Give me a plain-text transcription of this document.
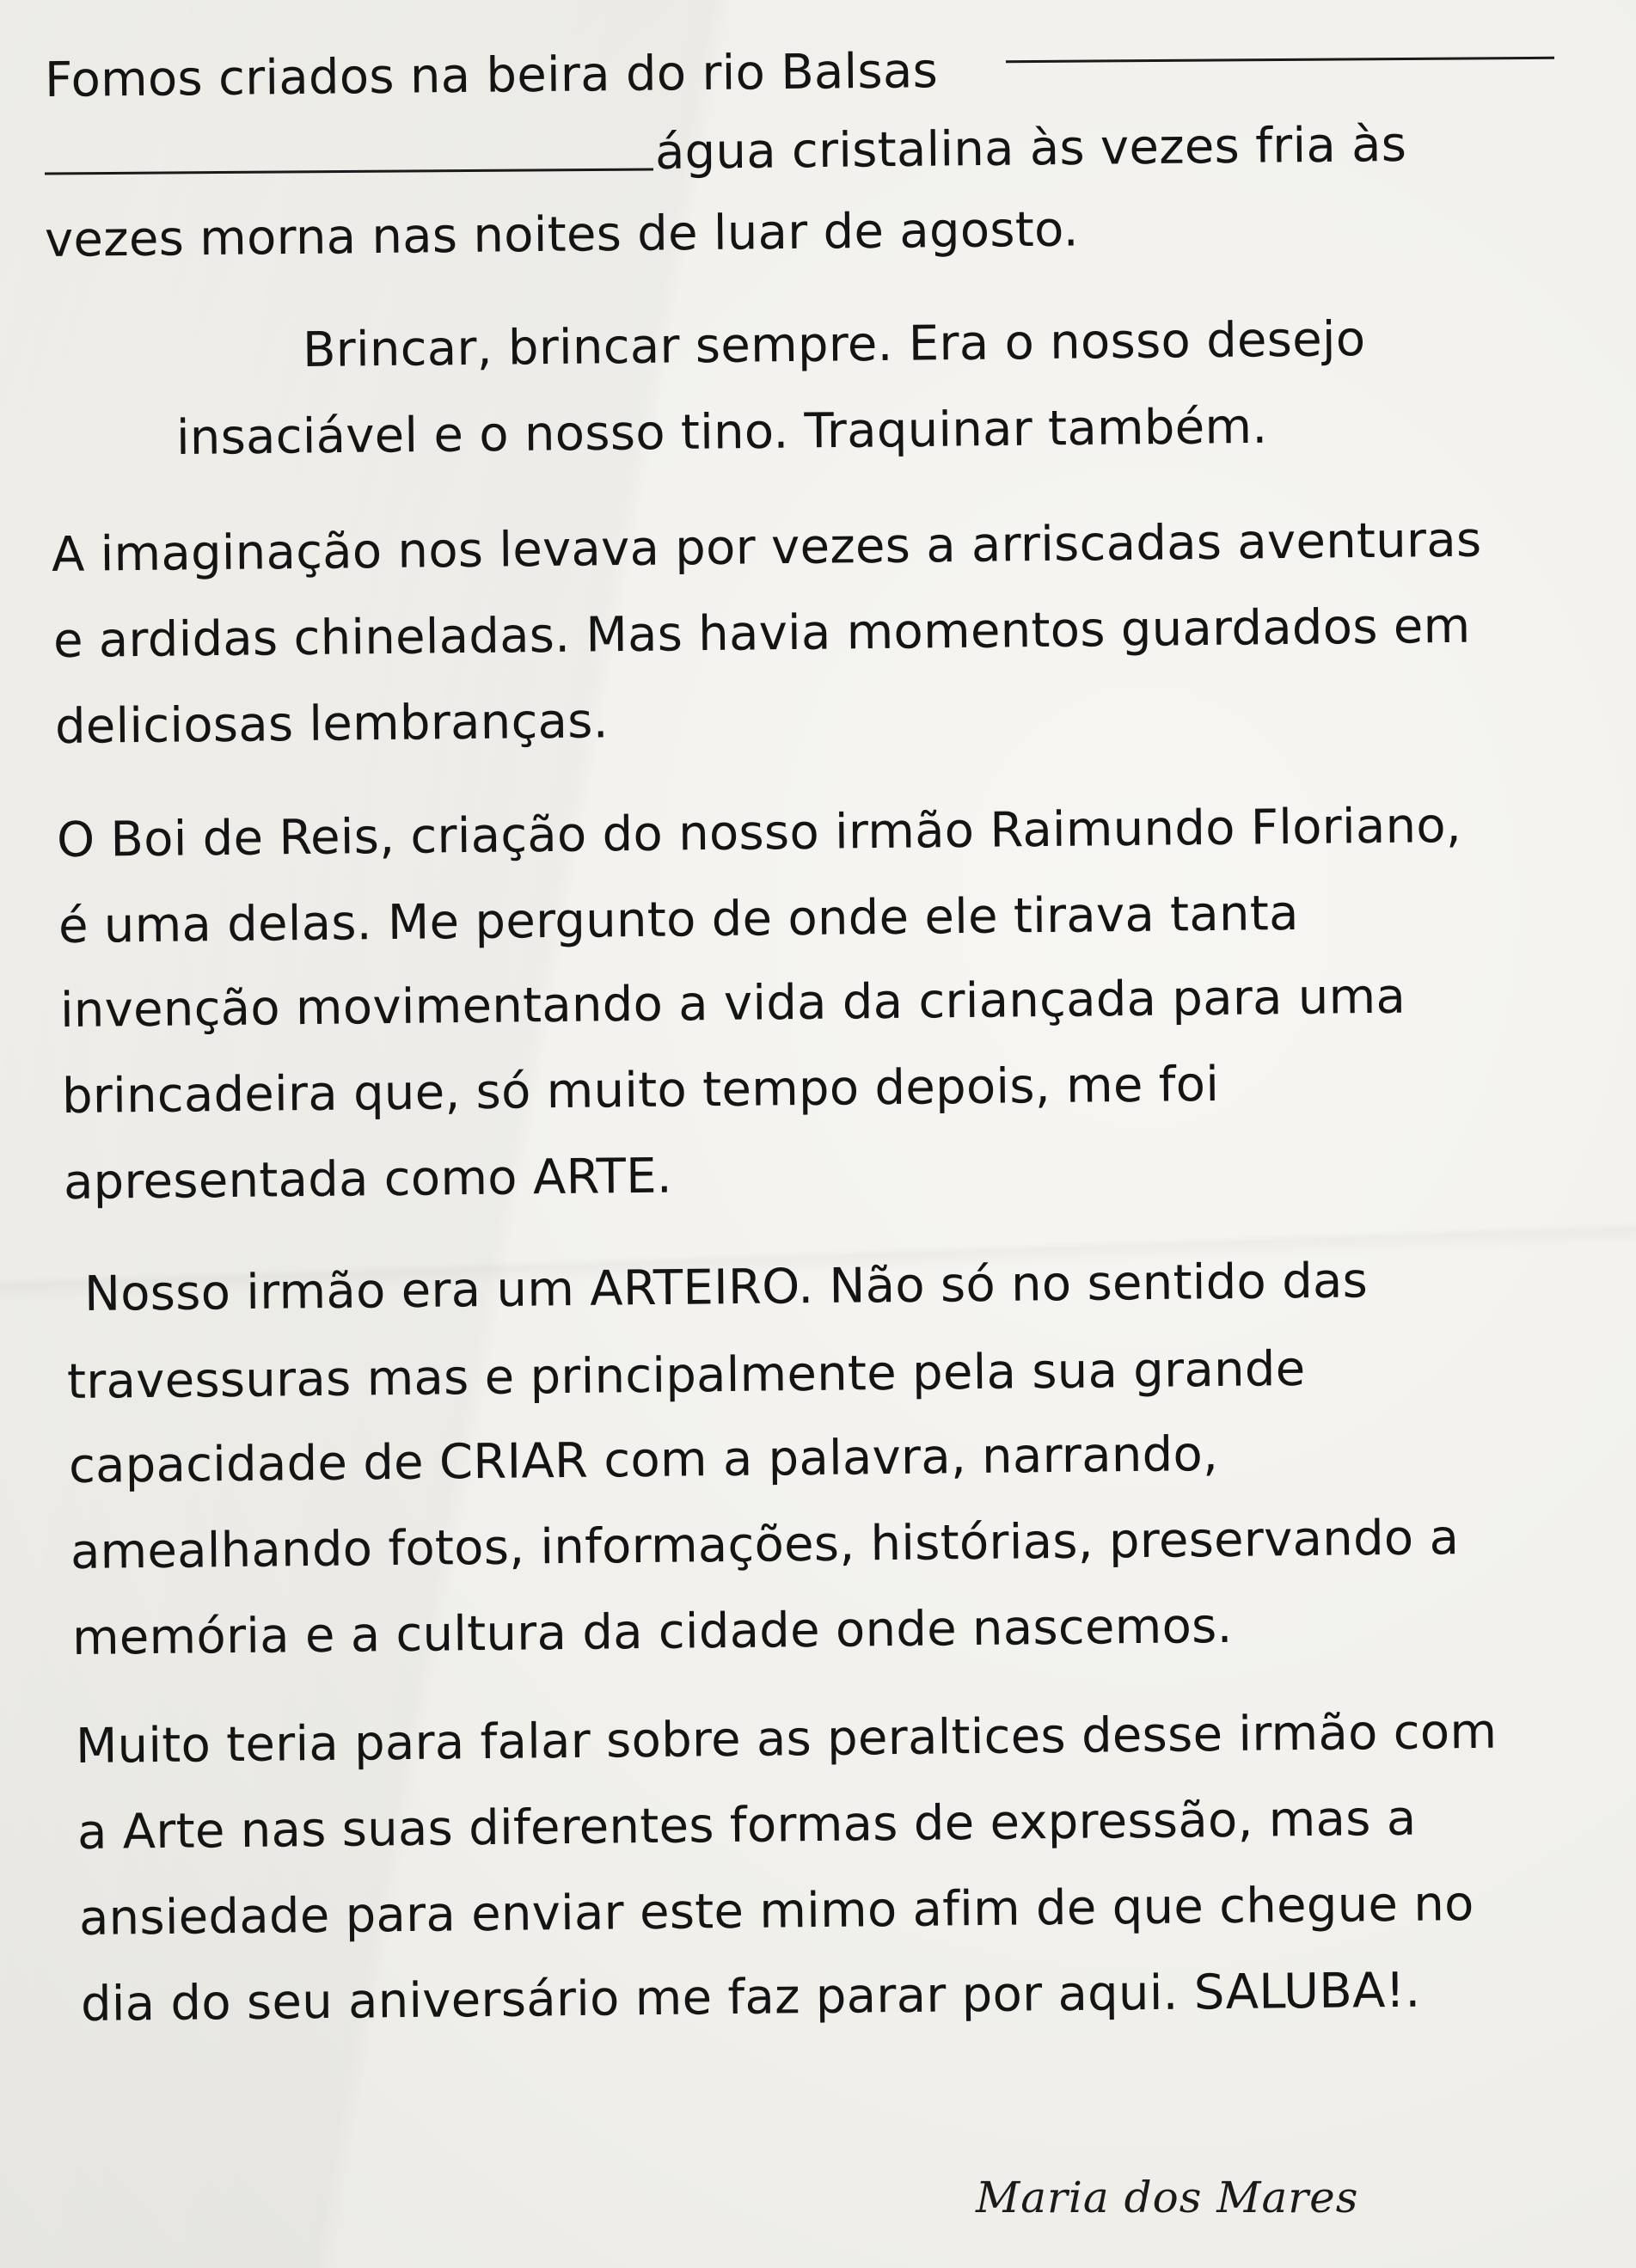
Fomos criados na beira do rio Balsas
água cristalina às vezes fria às
vezes morna nas noites de luar de agosto.
Brincar, brincar sempre. Era o nosso desejo
insaciável e o nosso tino. Traquinar também.
A imaginação nos levava por vezes a arriscadas aventuras
e ardidas chineladas. Mas havia momentos guardados em
deliciosas lembranças.
O Boi de Reis, criação do nosso irmão Raimundo Floriano,
é uma delas. Me pergunto de onde ele tirava tanta
invenção movimentando a vida da criançada para uma
brincadeira que, só muito tempo depois, me foi
apresentada como ARTE.
Nosso irmão era um ARTEIRO. Não só no sentido das
travessuras mas e principalmente pela sua grande
capacidade de CRIAR com a palavra, narrando,
amealhando fotos, informações, histórias, preservando a
memória e a cultura da cidade onde nascemos.
Muito teria para falar sobre as peraltices desse irmão com
a Arte nas suas diferentes formas de expressão, mas a
ansiedade para enviar este mimo afim de que chegue no
dia do seu aniversário me faz parar por aqui. SALUBA!.
Maria dos Mares
